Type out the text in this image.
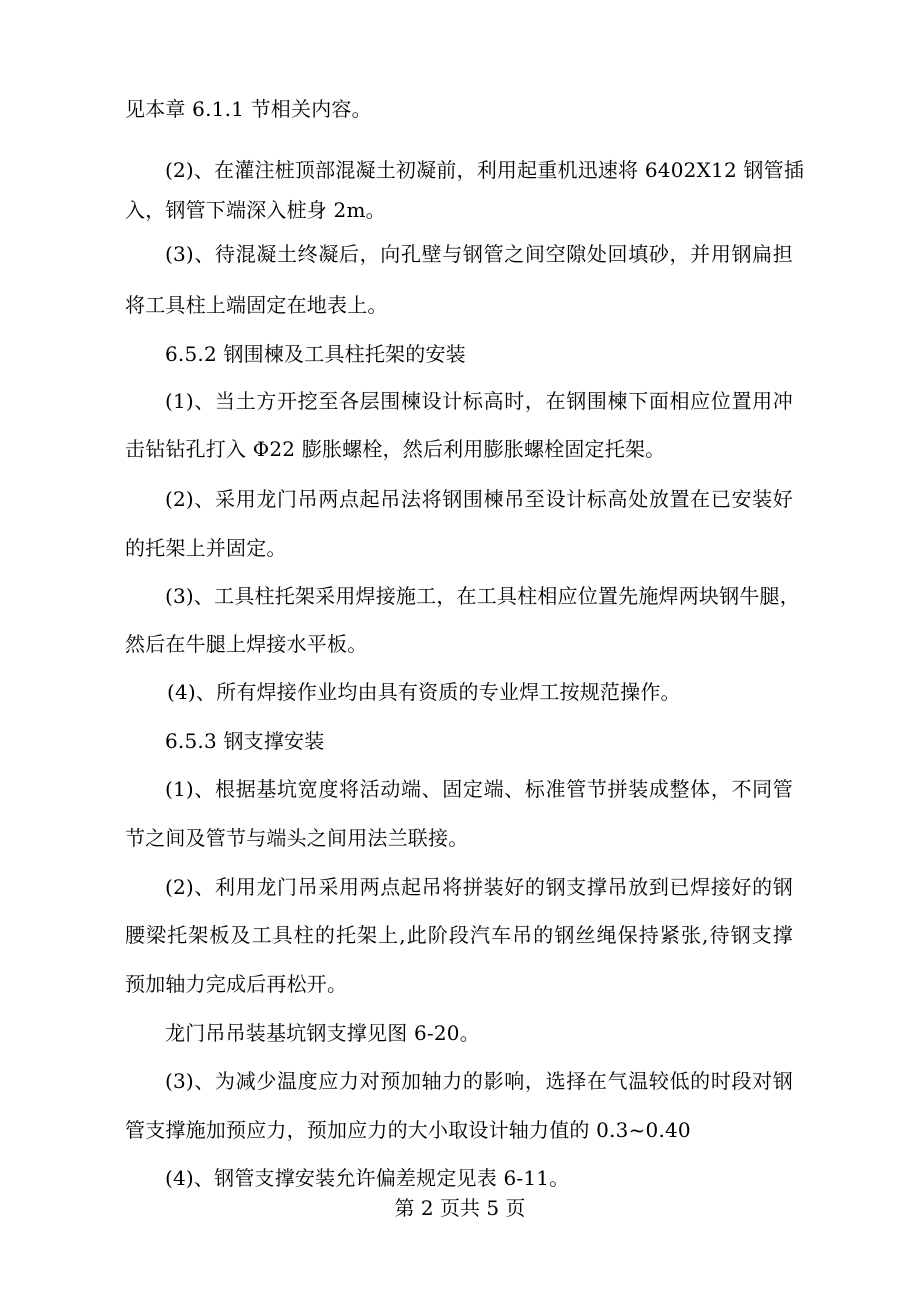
见本章 6.1.1 节相关内容。
(2)、在灌注桩顶部混凝土初凝前，利用起重机迅速将 6402X12 钢管插
入，钢管下端深入桩身 2m。
(3)、待混凝土终凝后，向孔壁与钢管之间空隙处回填砂，并用钢扁担
将工具柱上端固定在地表上。
6.5.2 钢围楝及工具柱托架的安装
(1)、当土方开挖至各层围楝设计标高时，在钢围楝下面相应位置用冲
击钻钻孔打入 Φ22 膨胀螺栓，然后利用膨胀螺栓固定托架。
(2)、采用龙门吊两点起吊法将钢围楝吊至设计标高处放置在已安装好
的托架上并固定。
(3)、工具柱托架采用焊接施工，在工具柱相应位置先施焊两块钢牛腿，
然后在牛腿上焊接水平板。
(4)、所有焊接作业均由具有资质的专业焊工按规范操作。
6.5.3 钢支撑安装
(1)、根据基坑宽度将活动端、固定端、标准管节拼装成整体，不同管
节之间及管节与端头之间用法兰联接。
(2)、利用龙门吊采用两点起吊将拼装好的钢支撑吊放到已焊接好的钢
腰梁托架板及工具柱的托架上,此阶段汽车吊的钢丝绳保持紧张,待钢支撑
预加轴力完成后再松开。
龙门吊吊装基坑钢支撑见图 6-20。
(3)、为减少温度应力对预加轴力的影响，选择在气温较低的时段对钢
管支撑施加预应力，预加应力的大小取设计轴力值的 0.3~0.40
(4)、钢管支撑安装允许偏差规定见表 6-11。
第 2 页共 5 页
